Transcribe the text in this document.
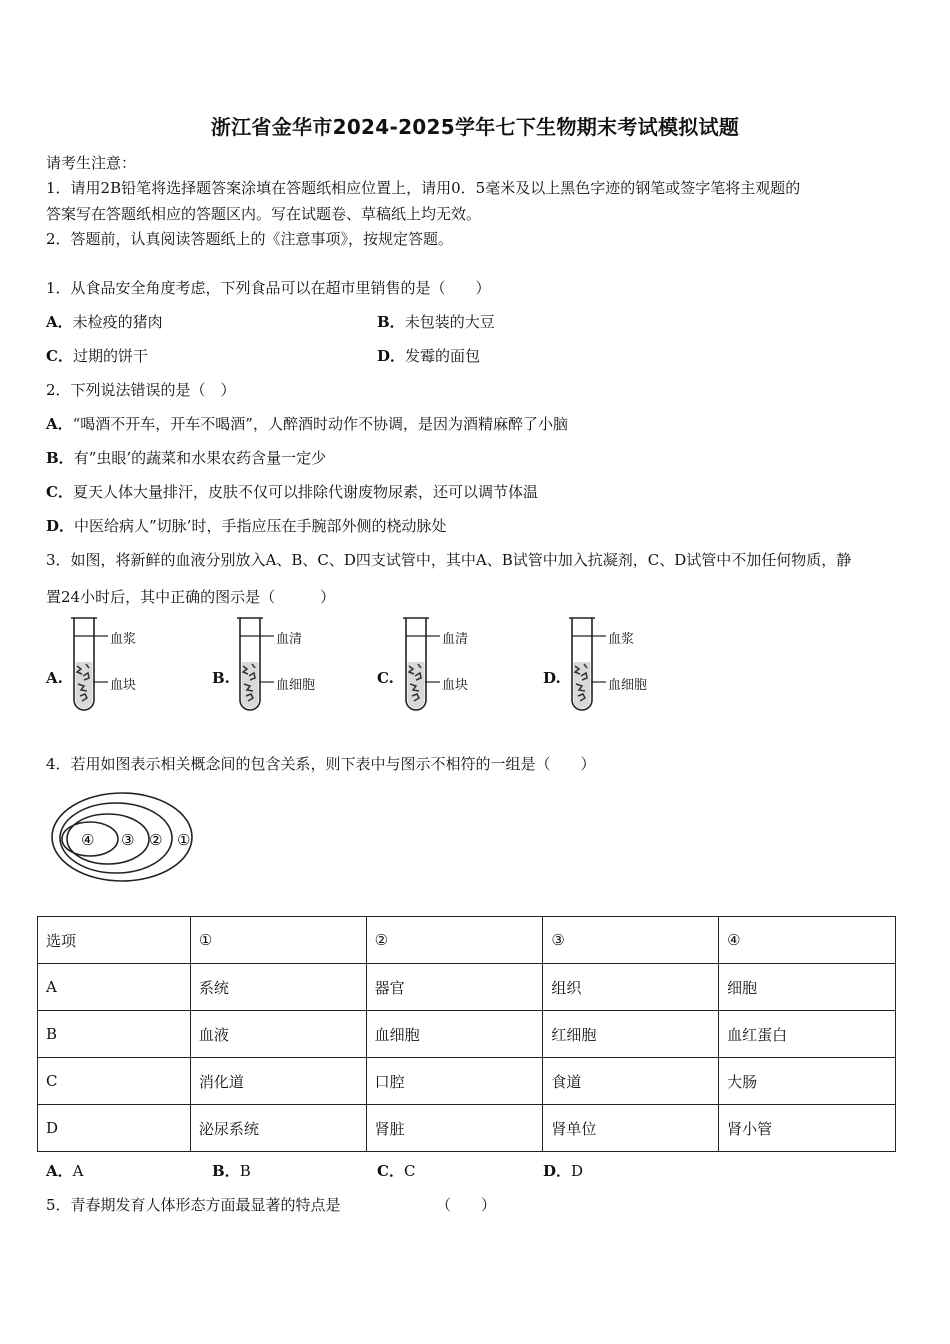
浙江省金华市2024-2025学年七下生物期末考试模拟试题
请考生注意：
1．请用2B铅笔将选择题答案涂填在答题纸相应位置上，请用0．5毫米及以上黑色字迹的钢笔或签字笔将主观题的
答案写在答题纸相应的答题区内。写在试题卷、草稿纸上均无效。
2．答题前，认真阅读答题纸上的《注意事项》，按规定答题。
1．从食品安全角度考虑，下列食品可以在超市里销售的是（　　）
A．未检疫的猪肉	B．未包装的大豆
C．过期的饼干	D．发霉的面包
2．下列说法错误的是（　）
A．“喝酒不开车，开车不喝酒”，人醉酒时动作不协调，是因为酒精麻醉了小脑
B．有”虫眼’的蔬菜和水果农药含量一定少
C．夏天人体大量排汗，皮肤不仅可以排除代谢废物尿素，还可以调节体温
D．中医给病人”切脉’时，手指应压在手腕部外侧的桡动脉处
3．如图，将新鲜的血液分别放入A、B、C、D四支试管中，其中A、B试管中加入抗凝剂，C、D试管中不加任何物质，静
置24小时后，其中正确的图示是（　　　）
A.
血浆
血块	B.
血清
血细胞	C.
血清
血块	D.
血浆
血细胞
4．若用如图表示相关概念间的包含关系，则下表中与图示不相符的一组是（　　）
④ ③ ② ①
选项	①	②	③	④
A	系统	器官	组织	细胞
B	血液	血细胞	红细胞	血红蛋白
C	消化道	口腔	食道	大肠
D	泌尿系统	肾脏	肾单位	肾小管
A．A	B．B	C．C	D．D
5．青春期发育人体形态方面最显著的特点是	（　　）
